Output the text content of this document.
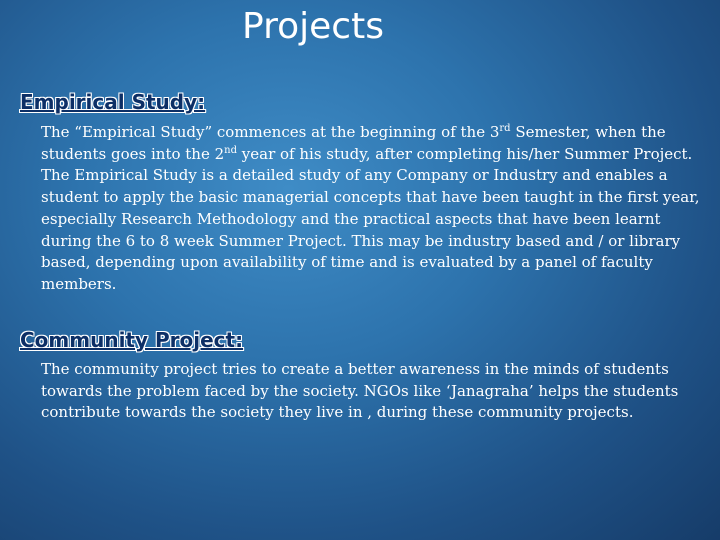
Projects
Empirical Study:

The “Empirical Study” commences at the beginning of the 3rd Semester, when the students goes into the 2nd year of his study, after completing his/her Summer Project. The Empirical Study is a detailed study of any Company or Industry and enables a student to apply the basic managerial concepts that have been taught in the first year, especially Research Methodology and the practical aspects that have been learnt during the 6 to 8 week Summer Project. This may be industry based and / or library based, depending upon availability of time and is evaluated by a panel of faculty members.

Community Project:

The community project tries to create a better awareness in the minds of students towards the problem faced by the society. NGOs like ‘Janagraha’ helps the students contribute towards the society they live in , during these community projects.
